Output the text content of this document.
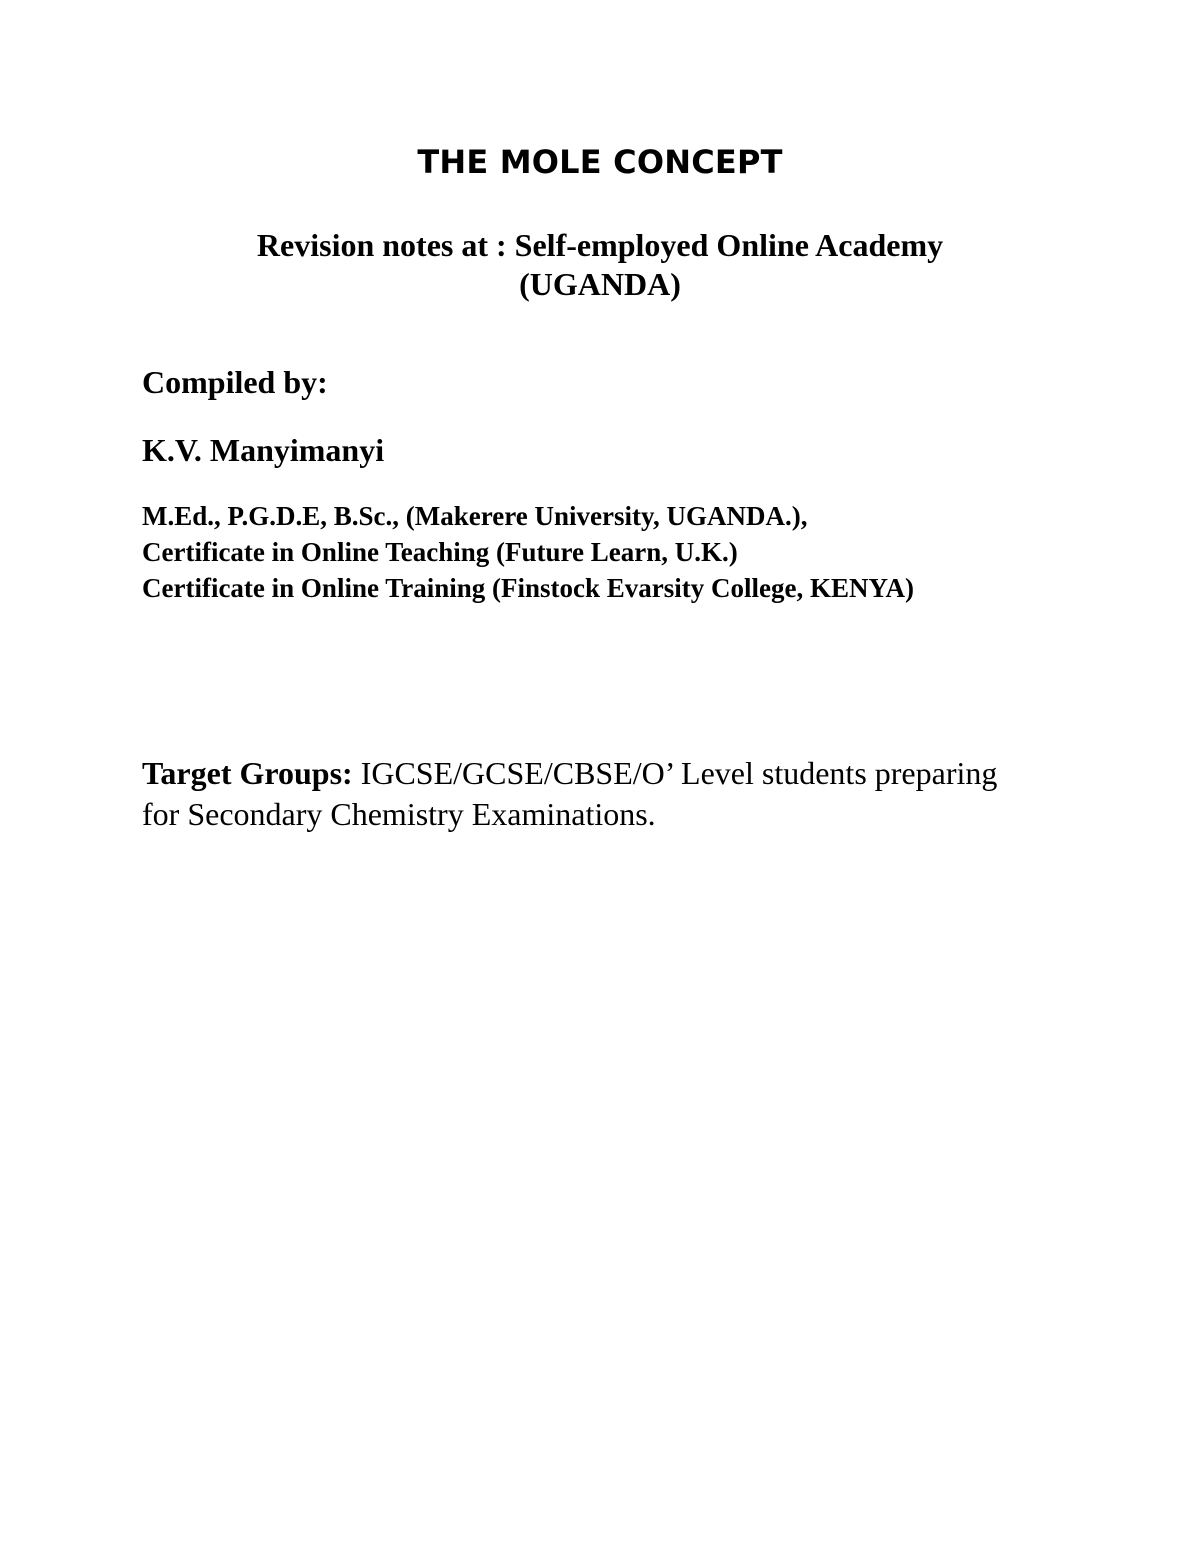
THE MOLE CONCEPT
Revision notes at : Self-employed Online Academy
(UGANDA)
Compiled by:
K.V. Manyimanyi
M.Ed., P.G.D.E, B.Sc., (Makerere University, UGANDA.),
Certificate in Online Teaching (Future Learn, U.K.)
Certificate in Online Training (Finstock Evarsity College, KENYA)
Target Groups: IGCSE/GCSE/CBSE/O’ Level students preparing for Secondary Chemistry Examinations.
